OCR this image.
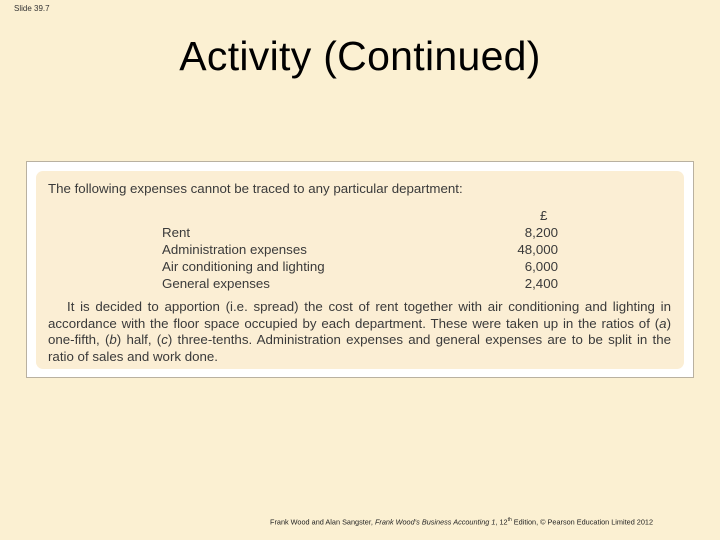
Slide 39.7
Activity (Continued)
The following expenses cannot be traced to any particular department:
£
Rent	8,200
Administration expenses	48,000
Air conditioning and lighting	6,000
General expenses	2,400
It is decided to apportion (i.e. spread) the cost of rent together with air conditioning and lighting in accordance with the floor space occupied by each department. These were taken up in the ratios of (a) one-fifth, (b) half, (c) three-tenths. Administration expenses and general expenses are to be split in the ratio of sales and work done.
Frank Wood and Alan Sangster, Frank Wood’s Business Accounting 1, 12th Edition, © Pearson Education Limited 2012
